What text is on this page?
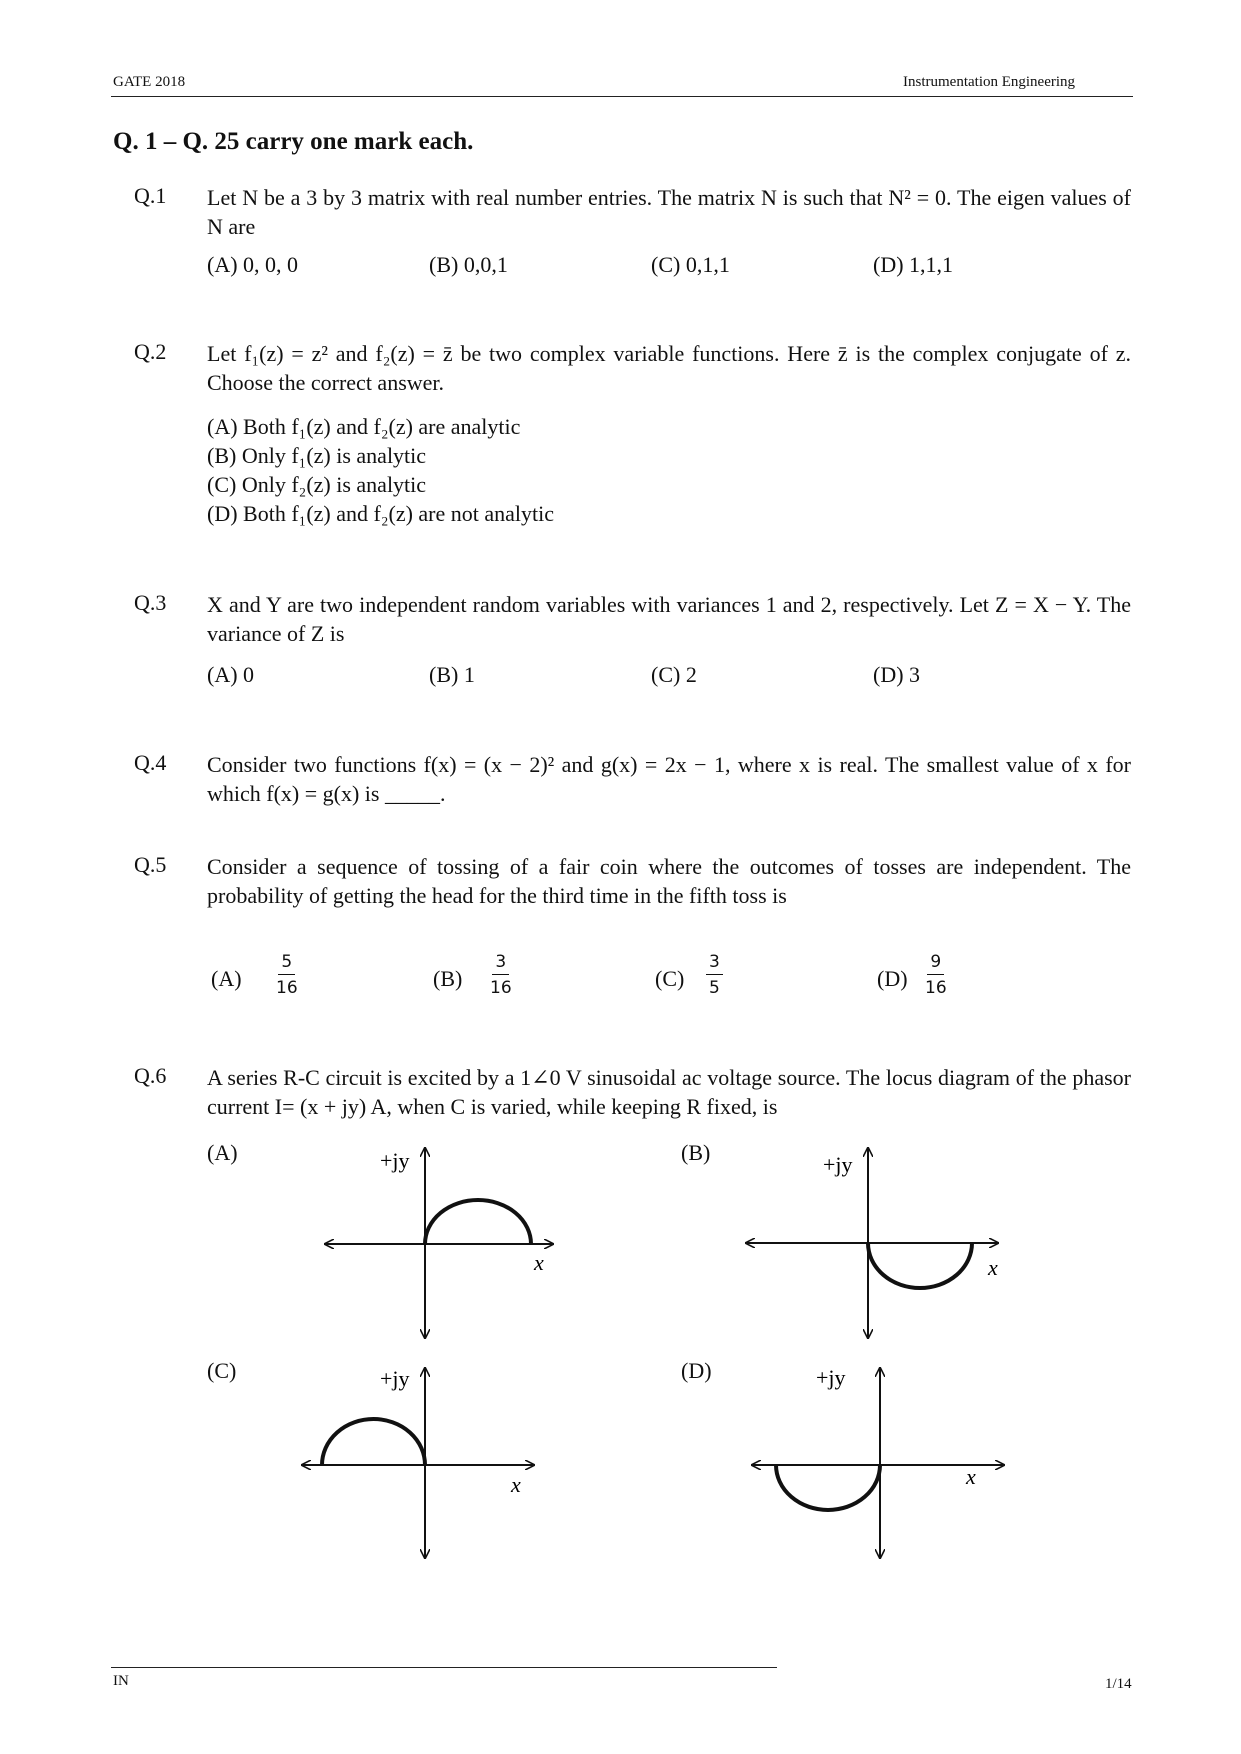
GATE 2018	Instrumentation Engineering
Q. 1 – Q. 25 carry one mark each.
Q.1 Let N be a 3 by 3 matrix with real number entries. The matrix N is such that N² = 0. The eigen values of N are
(A) 0, 0, 0	(B) 0,0,1	(C) 0,1,1	(D) 1,1,1
Q.2 Let f₁(z) = z² and f₂(z) = z̄ be two complex variable functions. Here z̄ is the complex conjugate of z. Choose the correct answer.
(A) Both f₁(z) and f₂(z) are analytic
(B) Only f₁(z) is analytic
(C) Only f₂(z) is analytic
(D) Both f₁(z) and f₂(z) are not analytic
Q.3 X and Y are two independent random variables with variances 1 and 2, respectively. Let Z = X − Y. The variance of Z is
(A) 0	(B) 1	(C) 2	(D) 3
Q.4 Consider two functions f(x) = (x − 2)² and g(x) = 2x − 1, where x is real. The smallest value of x for which f(x) = g(x) is _____.
Q.5 Consider a sequence of tossing of a fair coin where the outcomes of tosses are independent. The probability of getting the head for the third time in the fifth toss is
$(A) \frac{5}{16}$	$(B) \frac{3}{16}$	$(C) \frac{3}{5}$	$(D) \frac{9}{16}$
Q.6 A series R-C circuit is excited by a 1∠0 V sinusoidal ac voltage source. The locus diagram of the phasor current I= (x + jy) A, when C is varied, while keeping R fixed, is
(A)	(B)
(C)	(D)
+jy
x
+jy
x
+jy
x
+jy
x
IN	1/14
